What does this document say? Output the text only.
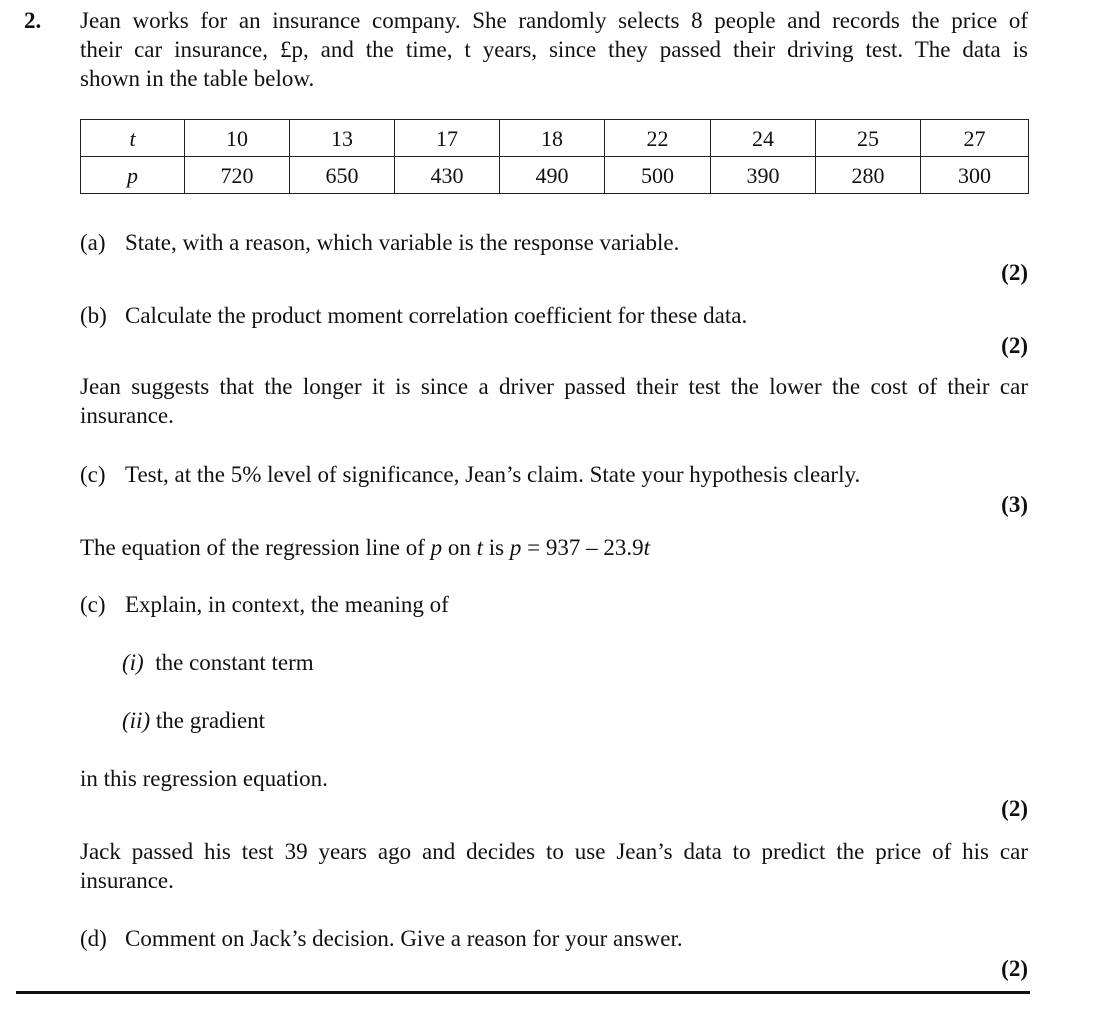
2. Jean works for an insurance company. She randomly selects 8 people and records the price of
their car insurance, £p, and the time, t years, since they passed their driving test. The data is
shown in the table below.
t	10	13	17	18	22	24	25	27
p	720	650	430	490	500	390	280	300
(a) State, with a reason, which variable is the response variable.
(2)
(b) Calculate the product moment correlation coefficient for these data.
(2)
Jean suggests that the longer it is since a driver passed their test the lower the cost of their car
insurance.
(c) Test, at the 5% level of significance, Jean’s claim. State your hypothesis clearly.
(3)
The equation of the regression line of p on t is p = 937 – 23.9t
(c) Explain, in context, the meaning of
(i) the constant term
(ii) the gradient
in this regression equation.
(2)
Jack passed his test 39 years ago and decides to use Jean’s data to predict the price of his car
insurance.
(d) Comment on Jack’s decision. Give a reason for your answer.
(2)
